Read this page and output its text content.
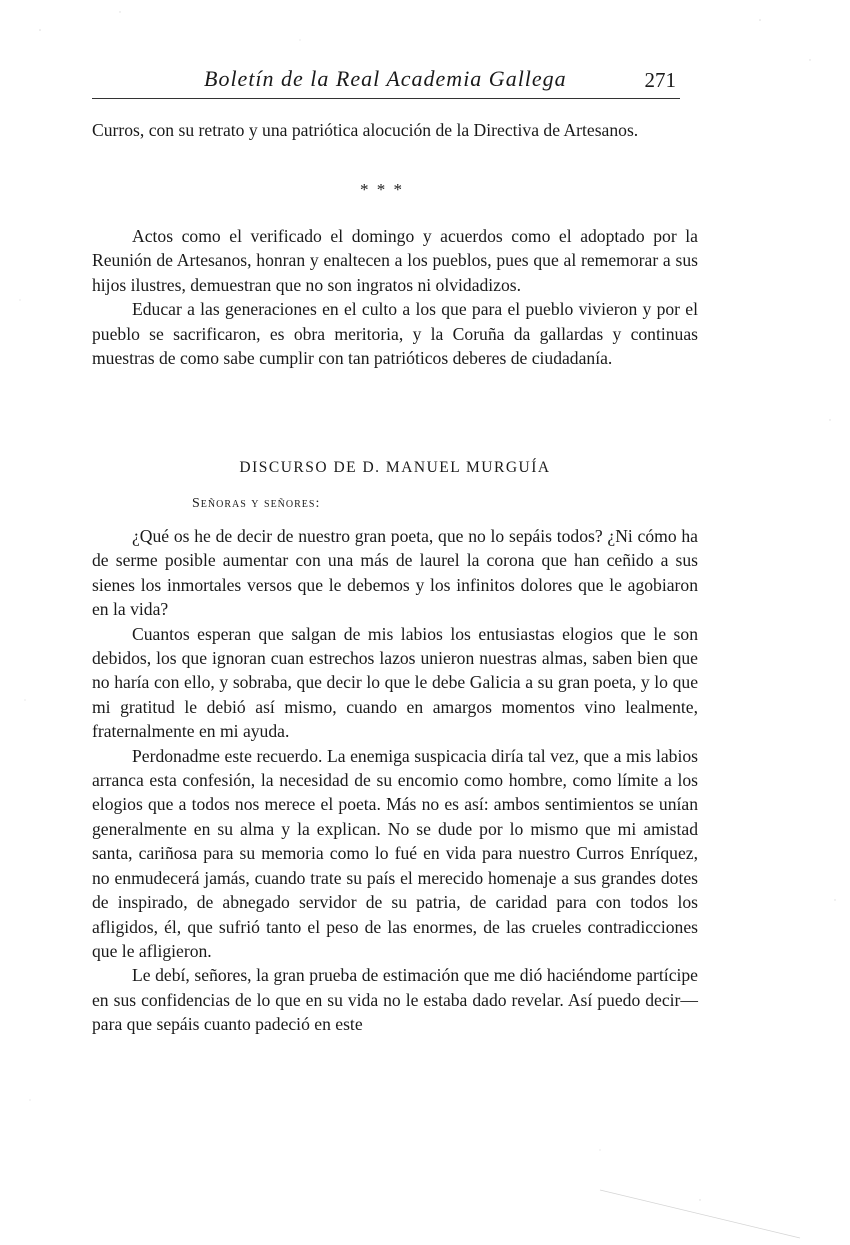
Boletín de la Real Academia Gallega	271

Curros, con su retrato y una patriótica alocución de la Directiva de Artesanos.

* * *

Actos como el verificado el domingo y acuerdos como el adoptado por la Reunión de Artesanos, honran y enaltecen a los pueblos, pues que al rememorar a sus hijos ilustres, demuestran que no son ingratos ni olvidadizos.

Educar a las generaciones en el culto a los que para el pueblo vivieron y por el pueblo se sacrificaron, es obra meritoria, y la Coruña da gallardas y continuas muestras de como sabe cumplir con tan patrióticos deberes de ciudadanía.

DISCURSO DE D. MANUEL MURGUÍA
Señoras y señores:

¿Qué os he de decir de nuestro gran poeta, que no lo sepáis todos? ¿Ni cómo ha de serme posible aumentar con una más de laurel la corona que han ceñido a sus sienes los inmortales versos que le debemos y los infinitos dolores que le agobiaron en la vida?

Cuantos esperan que salgan de mis labios los entusiastas elogios que le son debidos, los que ignoran cuan estrechos lazos unieron nuestras almas, saben bien que no haría con ello, y sobraba, que decir lo que le debe Galicia a su gran poeta, y lo que mi gratitud le debió así mismo, cuando en amargos momentos vino lealmente, fraternalmente en mi ayuda.

Perdonadme este recuerdo. La enemiga suspicacia diría tal vez, que a mis labios arranca esta confesión, la necesidad de su encomio como hombre, como límite a los elogios que a todos nos merece el poeta. Más no es así: ambos sentimientos se unían generalmente en su alma y la explican. No se dude por lo mismo que mi amistad santa, cariñosa para su memoria como lo fué en vida para nuestro Curros Enríquez, no enmudecerá jamás, cuando trate su país el merecido homenaje a sus grandes dotes de inspirado, de abnegado servidor de su patria, de caridad para con todos los afligidos, él, que sufrió tanto el peso de las enormes, de las crueles contradicciones que le afligieron.

Le debí, señores, la gran prueba de estimación que me dió haciéndome partícipe en sus confidencias de lo que en su vida no le estaba dado revelar. Así puedo decir—para que sepáis cuanto padeció en este
